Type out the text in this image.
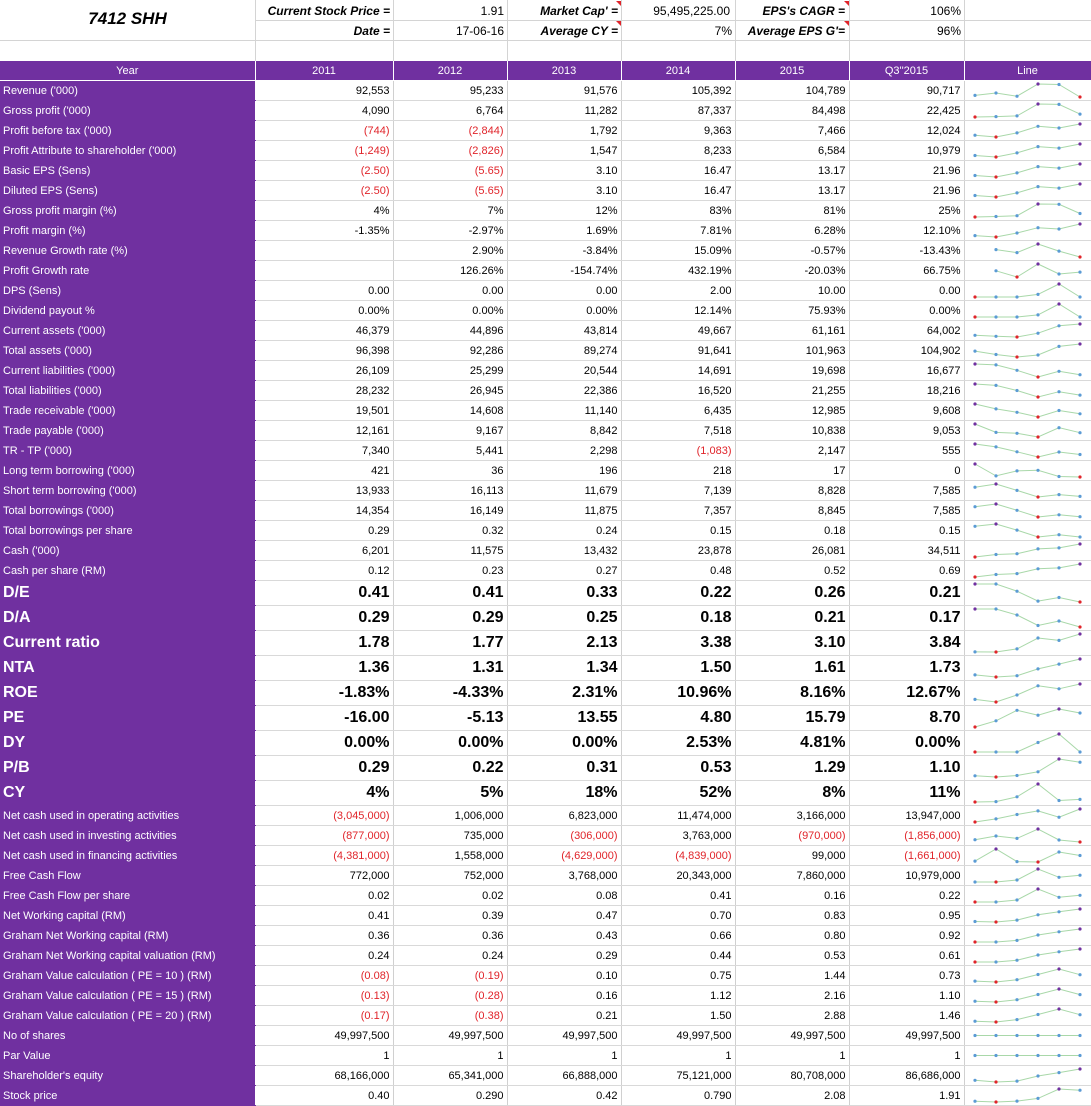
7412 SHH	Current Stock Price =	1.91	Market Cap' =	95,495,225.00	EPS's CAGR =	106%
Date =	17-06-16	Average CY =	7%	Average EPS G'=	96%
Year	2011	2012	2013	2014	2015	Q3''2015	Line
Revenue ('000)	92,553	95,233	91,576	105,392	104,789	90,717	

Gross profit ('000)	4,090	6,764	11,282	87,337	84,498	22,425	

Profit before tax ('000)	(744)	(2,844)	1,792	9,363	7,466	12,024	

Profit Attribute to shareholder ('000)	(1,249)	(2,826)	1,547	8,233	6,584	10,979	

Basic EPS (Sens)	(2.50)	(5.65)	3.10	16.47	13.17	21.96	

Diluted EPS (Sens)	(2.50)	(5.65)	3.10	16.47	13.17	21.96	

Gross profit margin (%)	4%	7%	12%	83%	81%	25%	

Profit margin (%)	-1.35%	-2.97%	1.69%	7.81%	6.28%	12.10%	

Revenue Growth rate (%)		2.90%	-3.84%	15.09%	-0.57%	-13.43%	

Profit Growth rate		126.26%	-154.74%	432.19%	-20.03%	66.75%	

DPS (Sens)	0.00	0.00	0.00	2.00	10.00	0.00	

Dividend payout %	0.00%	0.00%	0.00%	12.14%	75.93%	0.00%	

Current assets ('000)	46,379	44,896	43,814	49,667	61,161	64,002	

Total assets ('000)	96,398	92,286	89,274	91,641	101,963	104,902	

Current liabilities ('000)	26,109	25,299	20,544	14,691	19,698	16,677	

Total liabilities ('000)	28,232	26,945	22,386	16,520	21,255	18,216	

Trade receivable ('000)	19,501	14,608	11,140	6,435	12,985	9,608	

Trade payable ('000)	12,161	9,167	8,842	7,518	10,838	9,053	

TR - TP ('000)	7,340	5,441	2,298	(1,083)	2,147	555	

Long term borrowing ('000)	421	36	196	218	17	0	

Short term borrowing ('000)	13,933	16,113	11,679	7,139	8,828	7,585	

Total borrowings ('000)	14,354	16,149	11,875	7,357	8,845	7,585	

Total borrowings per share	0.29	0.32	0.24	0.15	0.18	0.15	

Cash ('000)	6,201	11,575	13,432	23,878	26,081	34,511	

Cash per share (RM)	0.12	0.23	0.27	0.48	0.52	0.69	

D/E	0.41	0.41	0.33	0.22	0.26	0.21	

D/A	0.29	0.29	0.25	0.18	0.21	0.17	

Current ratio	1.78	1.77	2.13	3.38	3.10	3.84	

NTA	1.36	1.31	1.34	1.50	1.61	1.73	

ROE	-1.83%	-4.33%	2.31%	10.96%	8.16%	12.67%	

PE	-16.00	-5.13	13.55	4.80	15.79	8.70	

DY	0.00%	0.00%	0.00%	2.53%	4.81%	0.00%	

P/B	0.29	0.22	0.31	0.53	1.29	1.10	

CY	4%	5%	18%	52%	8%	11%	

Net cash used in operating activities	(3,045,000)	1,006,000	6,823,000	11,474,000	3,166,000	13,947,000	

Net cash used in investing activities	(877,000)	735,000	(306,000)	3,763,000	(970,000)	(1,856,000)	

Net cash used in financing activities	(4,381,000)	1,558,000	(4,629,000)	(4,839,000)	99,000	(1,661,000)	

Free Cash Flow	772,000	752,000	3,768,000	20,343,000	7,860,000	10,979,000	

Free Cash Flow per share	0.02	0.02	0.08	0.41	0.16	0.22	

Net Working capital (RM)	0.41	0.39	0.47	0.70	0.83	0.95	

Graham Net Working capital (RM)	0.36	0.36	0.43	0.66	0.80	0.92	

Graham Net Working capital valuation (RM)	0.24	0.24	0.29	0.44	0.53	0.61	

Graham Value calculation ( PE = 10 ) (RM)	(0.08)	(0.19)	0.10	0.75	1.44	0.73	

Graham Value calculation ( PE = 15 ) (RM)	(0.13)	(0.28)	0.16	1.12	2.16	1.10	

Graham Value calculation ( PE = 20 ) (RM)	(0.17)	(0.38)	0.21	1.50	2.88	1.46	

No of shares	49,997,500	49,997,500	49,997,500	49,997,500	49,997,500	49,997,500	

Par Value	1	1	1	1	1	1	

Shareholder's equity	68,166,000	65,341,000	66,888,000	75,121,000	80,708,000	86,686,000	

Stock price	0.40	0.290	0.42	0.790	2.08	1.91	
